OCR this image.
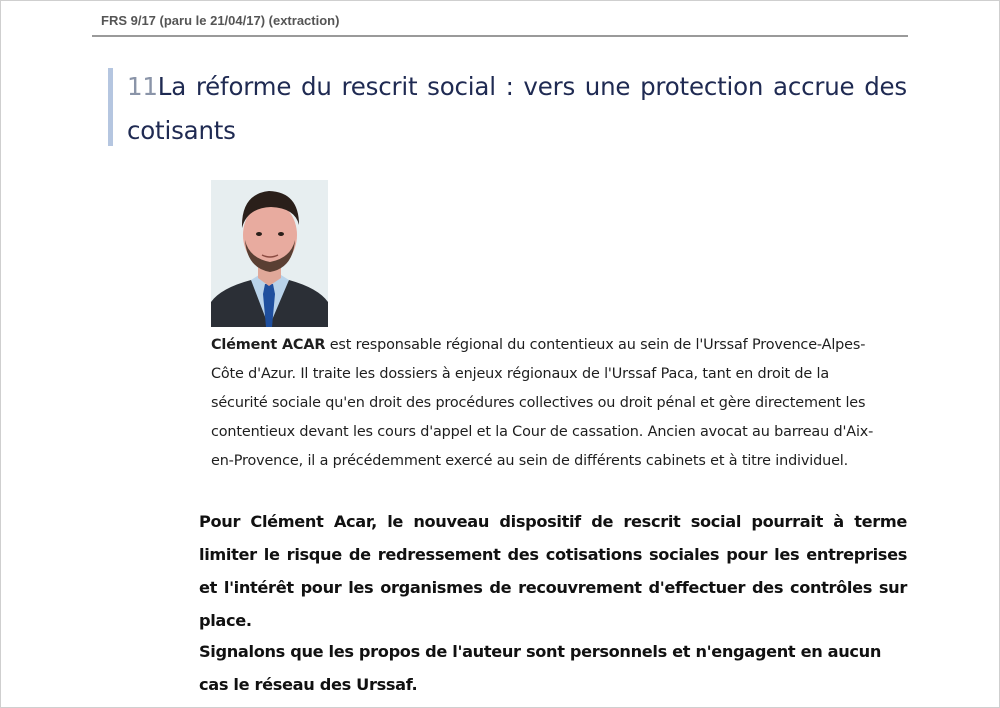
FRS 9/17 (paru le 21/04/17) (extraction)
11La réforme du rescrit social : vers une protection accrue des cotisants

Clément ACAR est responsable régional du contentieux au sein de l'Urssaf Provence-Alpes-Côte d'Azur. Il traite les dossiers à enjeux régionaux de l'Urssaf Paca, tant en droit de la sécurité sociale qu'en droit des procédures collectives ou droit pénal et gère directement les contentieux devant les cours d'appel et la Cour de cassation. Ancien avocat au barreau d'Aix-en-Provence, il a précédemment exercé au sein de différents cabinets et à titre individuel.

Pour Clément Acar, le nouveau dispositif de rescrit social pourrait à terme limiter le risque de redressement des cotisations sociales pour les entreprises et l'intérêt pour les organismes de recouvrement d'effectuer des contrôles sur place.

Signalons que les propos de l'auteur sont personnels et n'engagent en aucun cas le réseau des Urssaf.
